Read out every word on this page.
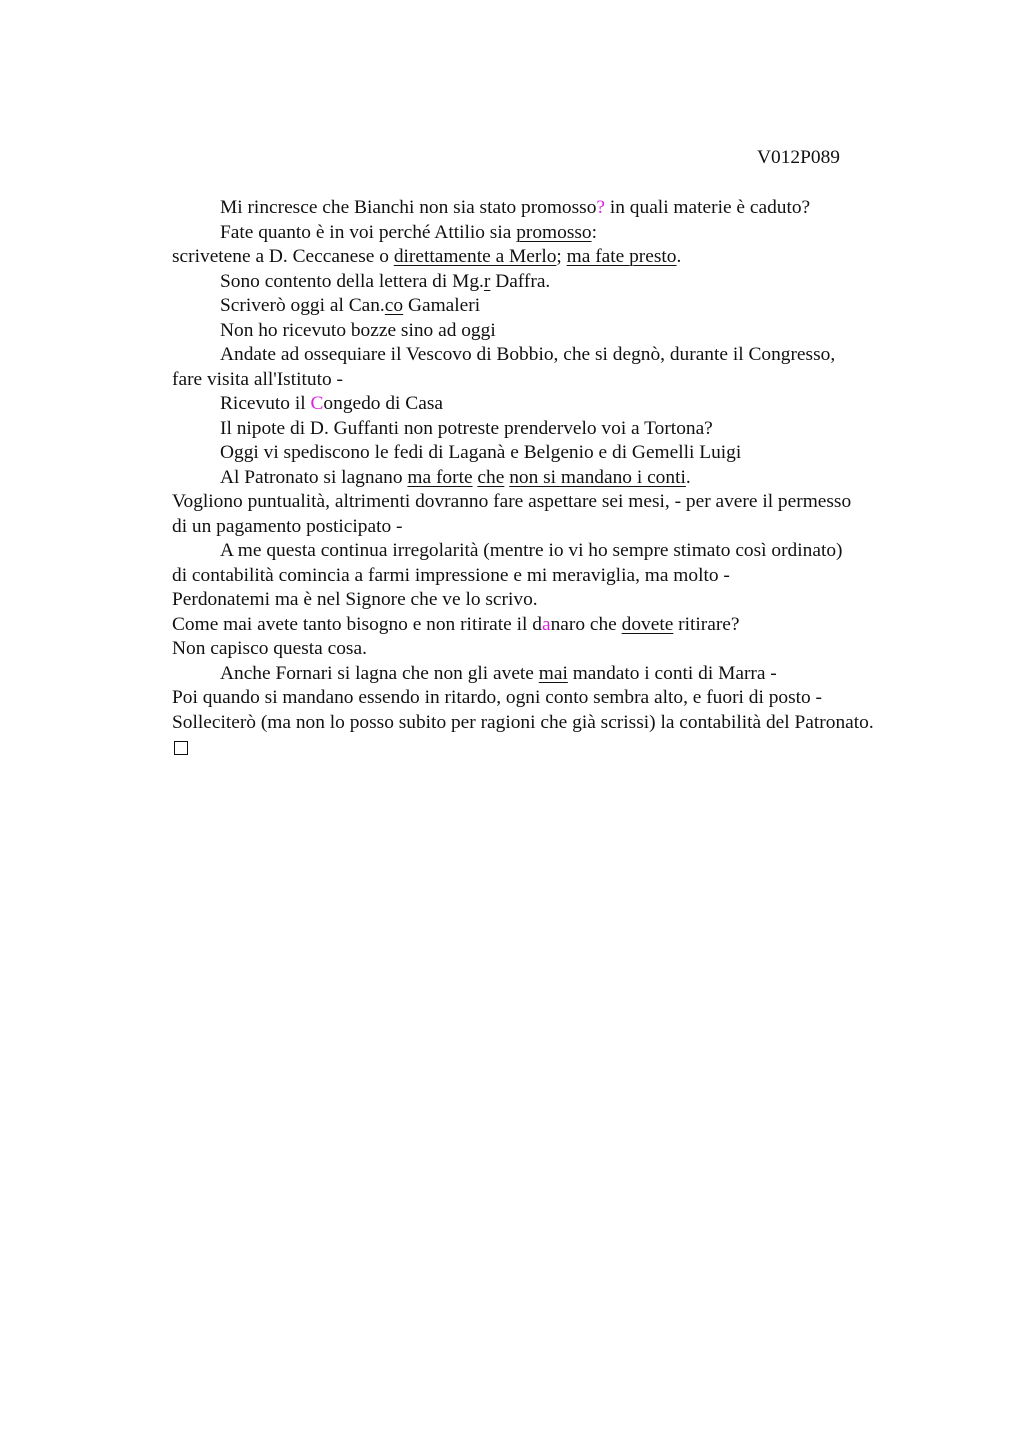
V012P089
Mi rincresce che Bianchi non sia stato promosso? in quali materie è caduto?
Fate quanto è in voi perché Attilio sia promosso:
scrivetene a D. Ceccanese o direttamente a Merlo; ma fate presto.
Sono contento della lettera di Mg.r Daffra.
Scriverò oggi al Can.co Gamaleri
Non ho ricevuto bozze sino ad oggi
Andate ad ossequiare il Vescovo di Bobbio, che si degnò, durante il Congresso,
fare visita all'Istituto -
Ricevuto il Congedo di Casa
Il nipote di D. Guffanti non potreste prendervelo voi a Tortona?
Oggi vi spediscono le fedi di Laganà e Belgenio e di Gemelli Luigi
Al Patronato si lagnano ma forte che non si mandano i conti.
Vogliono puntualità, altrimenti dovranno fare aspettare sei mesi, - per avere il permesso
di un pagamento posticipato -
A me questa continua irregolarità (mentre io vi ho sempre stimato così ordinato)
di contabilità comincia a farmi impressione e mi meraviglia, ma molto -
Perdonatemi ma è nel Signore che ve lo scrivo.
Come mai avete tanto bisogno e non ritirate il danaro che dovete ritirare?
Non capisco questa cosa.
Anche Fornari si lagna che non gli avete mai mandato i conti di Marra -
Poi quando si mandano essendo in ritardo, ogni conto sembra alto, e fuori di posto -
Solleciterò (ma non lo posso subito per ragioni che già scrissi) la contabilità del Patronato.
